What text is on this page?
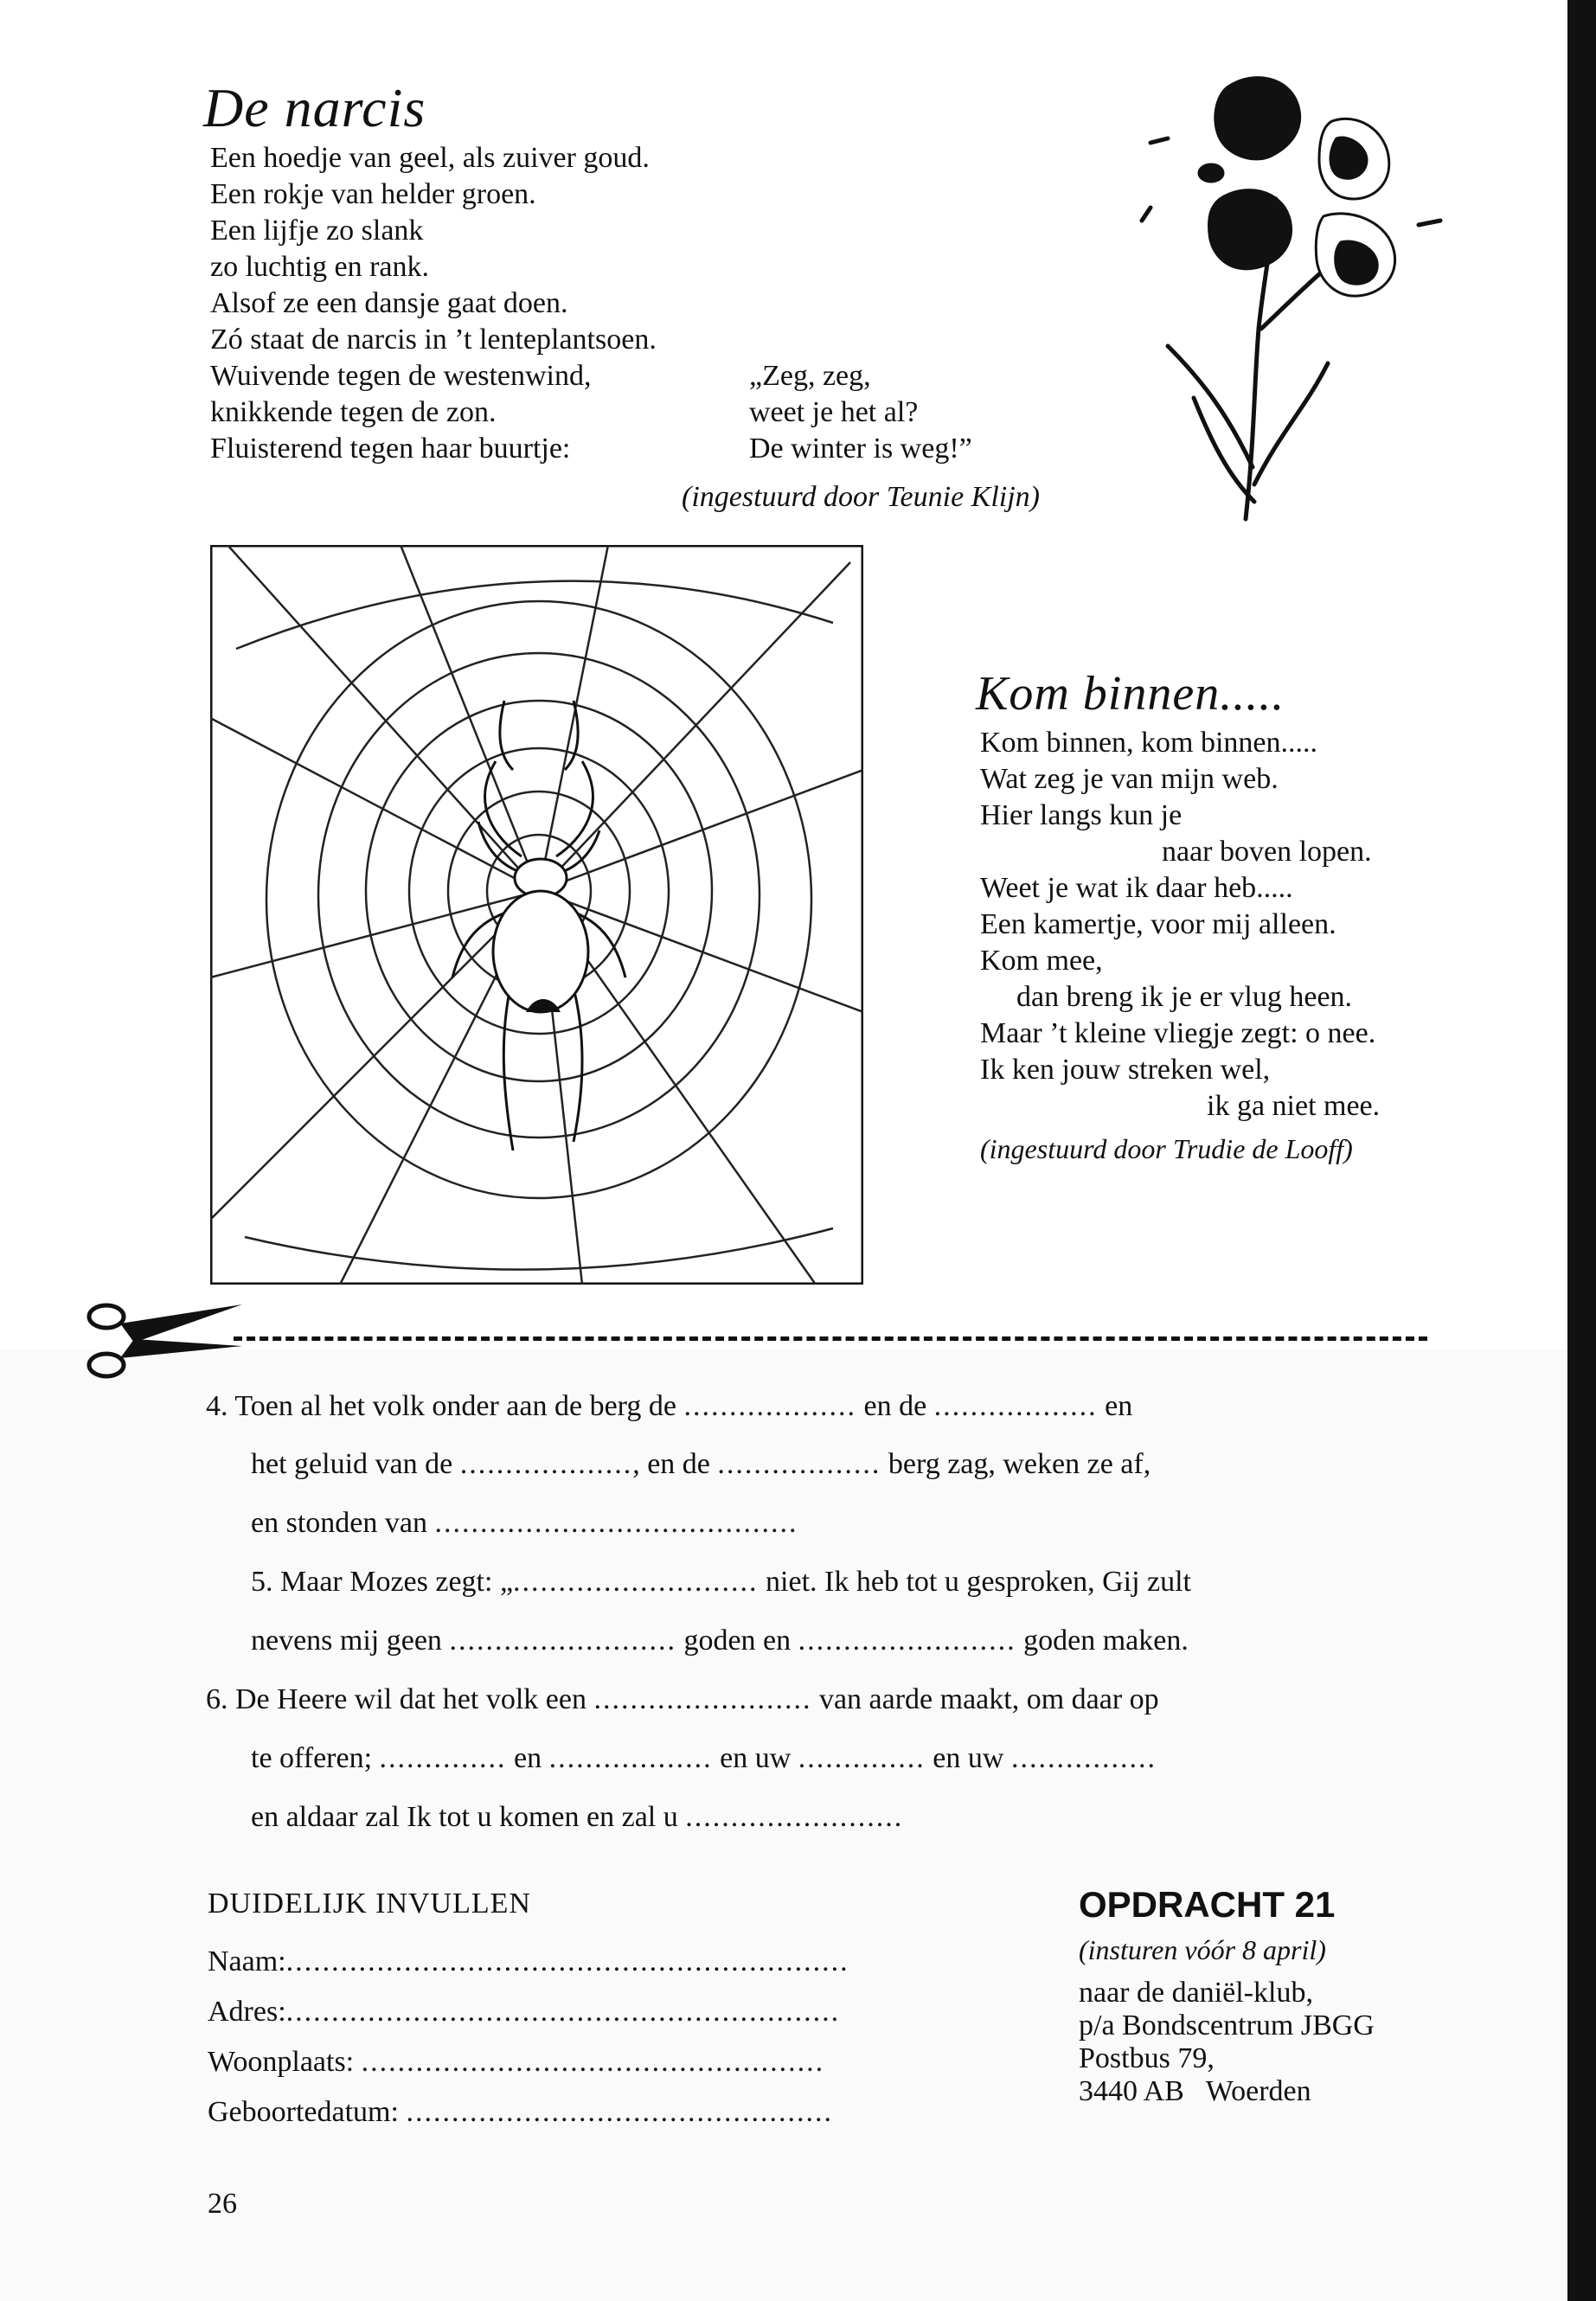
De narcis
Een hoedje van geel, als zuiver goud.
Een rokje van helder groen.
Een lijfje zo slank
zo luchtig en rank.
Alsof ze een dansje gaat doen.
Zó staat de narcis in ’t lenteplantsoen.
Wuivende tegen de westenwind,
knikkende tegen de zon.
Fluisterend tegen haar buurtje:
„Zeg, zeg,
weet je het al?
De winter is weg!”
(ingestuurd door Teunie Klijn)
Kom binnen.....
Kom binnen, kom binnen.....
Wat zeg je van mijn web.
Hier langs kun je
naar boven lopen.
Weet je wat ik daar heb.....
Een kamertje, voor mij alleen.
Kom mee,
dan breng ik je er vlug heen.
Maar ’t kleine vliegje zegt: o nee.
Ik ken jouw streken wel,
ik ga niet mee.
(ingestuurd door Trudie de Looff)
4. Toen al het volk onder aan de berg de ................... en de .................. en
het geluid van de ..................., en de .................. berg zag, weken ze af,
en stonden van ........................................
5. Maar Mozes zegt: „........................... niet. Ik heb tot u gesproken, Gij zult
nevens mij geen ......................... goden en ........................ goden maken.
6. De Heere wil dat het volk een ........................ van aarde maakt, om daar op
te offeren; .............. en .................. en uw .............. en uw ................
en aldaar zal Ik tot u komen en zal u ........................
DUIDELIJK INVULLEN
Naam:..............................................................
Adres:.............................................................
Woonplaats: ...................................................
Geboortedatum: ...............................................
OPDRACHT 21
(insturen vóór 8 april)
naar de daniël-klub,
p/a Bondscentrum JBGG
Postbus 79,
3440 AB   Woerden
26
